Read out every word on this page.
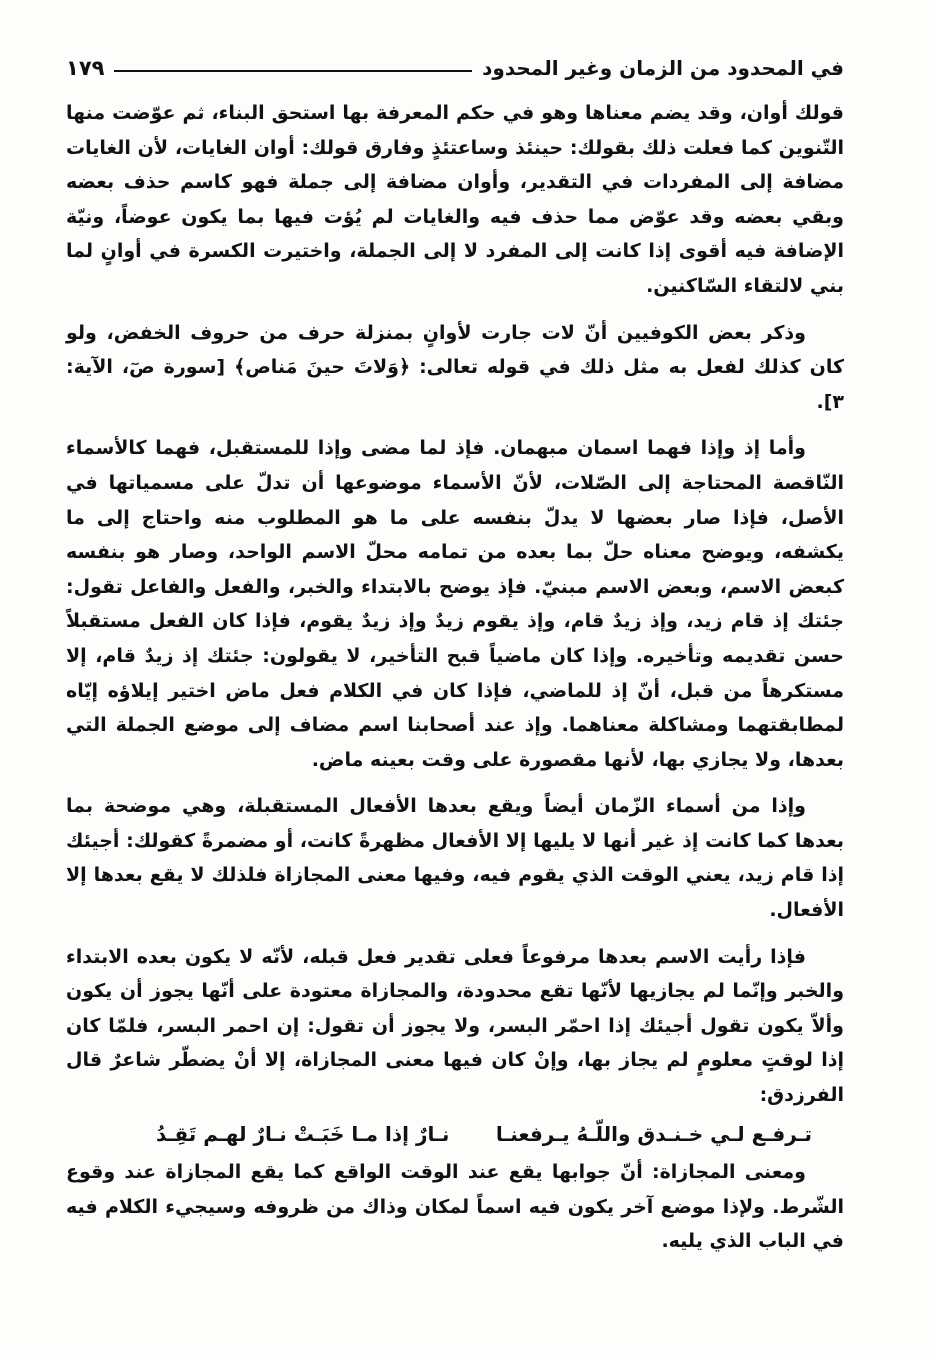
في المحدود من الزمان وغير المحدود
١٧٩

قولك أوان، وقد يضم معناها وهو في حكم المعرفة بها استحق البناء، ثم عوّضت منها التّنوين كما فعلت ذلك بقولك: حينئذ وساعتئذٍ وفارق قولك: أوان الغايات، لأن الغايات مضافة إلى المفردات في التقدير، وأوان مضافة إلى جملة فهو كاسم حذف بعضه وبقي بعضه وقد عوّض مما حذف فيه والغايات لم يُؤت فيها بما يكون عوضاً، ونيّة الإضافة فيه أقوى إذا كانت إلى المفرد لا إلى الجملة، واختيرت الكسرة في أوانٍ لما بني لالتقاء السّاكنين.

وذكر بعض الكوفيين أنّ لات جارت لأوانٍ بمنزلة حرف من حروف الخفض، ولو كان كذلك لفعل به مثل ذلك في قوله تعالى: ﴿وَلاتَ حينَ مَناص﴾ [سورة صٓ، الآية: ٣].

وأما إذ وإذا فهما اسمان مبهمان. فإذ لما مضى وإذا للمستقبل، فهما كالأسماء النّاقصة المحتاجة إلى الصّلات، لأنّ الأسماء موضوعها أن تدلّ على مسمياتها في الأصل، فإذا صار بعضها لا يدلّ بنفسه على ما هو المطلوب منه واحتاج إلى ما يكشفه، ويوضح معناه حلّ بما بعده من تمامه محلّ الاسم الواحد، وصار هو بنفسه كبعض الاسم، وبعض الاسم مبنيّ. فإذ يوضح بالابتداء والخبر، والفعل والفاعل تقول: جئتك إذ قام زيد، وإذ زيدٌ قام، وإذ يقوم زيدٌ وإذ زيدٌ يقوم، فإذا كان الفعل مستقبلاً حسن تقديمه وتأخيره. وإذا كان ماضياً قبح التأخير، لا يقولون: جئتك إذ زيدٌ قام، إلا مستكرهاً من قبل، أنّ إذ للماضي، فإذا كان في الكلام فعل ماض اختير إيلاؤه إيّاه لمطابقتهما ومشاكلة معناهما. وإذ عند أصحابنا اسم مضاف إلى موضع الجملة التي بعدها، ولا يجازي بها، لأنها مقصورة على وقت بعينه ماض.

وإذا من أسماء الزّمان أيضاً ويقع بعدها الأفعال المستقبلة، وهي موضحة بما بعدها كما كانت إذ غير أنها لا يليها إلا الأفعال مظهرةً كانت، أو مضمرةً كقولك: أجيئك إذا قام زيد، يعني الوقت الذي يقوم فيه، وفيها معنى المجازاة فلذلك لا يقع بعدها إلا الأفعال.

فإذا رأيت الاسم بعدها مرفوعاً فعلى تقدير فعل قبله، لأنّه لا يكون بعده الابتداء والخبر وإنّما لم يجازيها لأنّها تقع محدودة، والمجازاة معتودة على أنّها يجوز أن يكون وألاّ يكون تقول أجيئك إذا احمّر البسر، ولا يجوز أن تقول: إن احمر البسر، فلمّا كان إذا لوقتٍ معلومٍ لم يجاز بها، وإنْ كان فيها معنى المجازاة، إلا أنْ يضطّر شاعرٌ قال الفرزدق:

تـرفـع لـي خـنـدق واللّـهُ يـرفعنـا
نـارٌ إذا مـا خَبَـتْ نـارٌ لهـم تَقِـدُ

ومعنى المجازاة: أنّ جوابها يقع عند الوقت الواقع كما يقع المجازاة عند وقوع الشّرط. ولإذا موضع آخر يكون فيه اسماً لمكان وذاك من ظروفه وسيجيء الكلام فيه في الباب الذي يليه.
